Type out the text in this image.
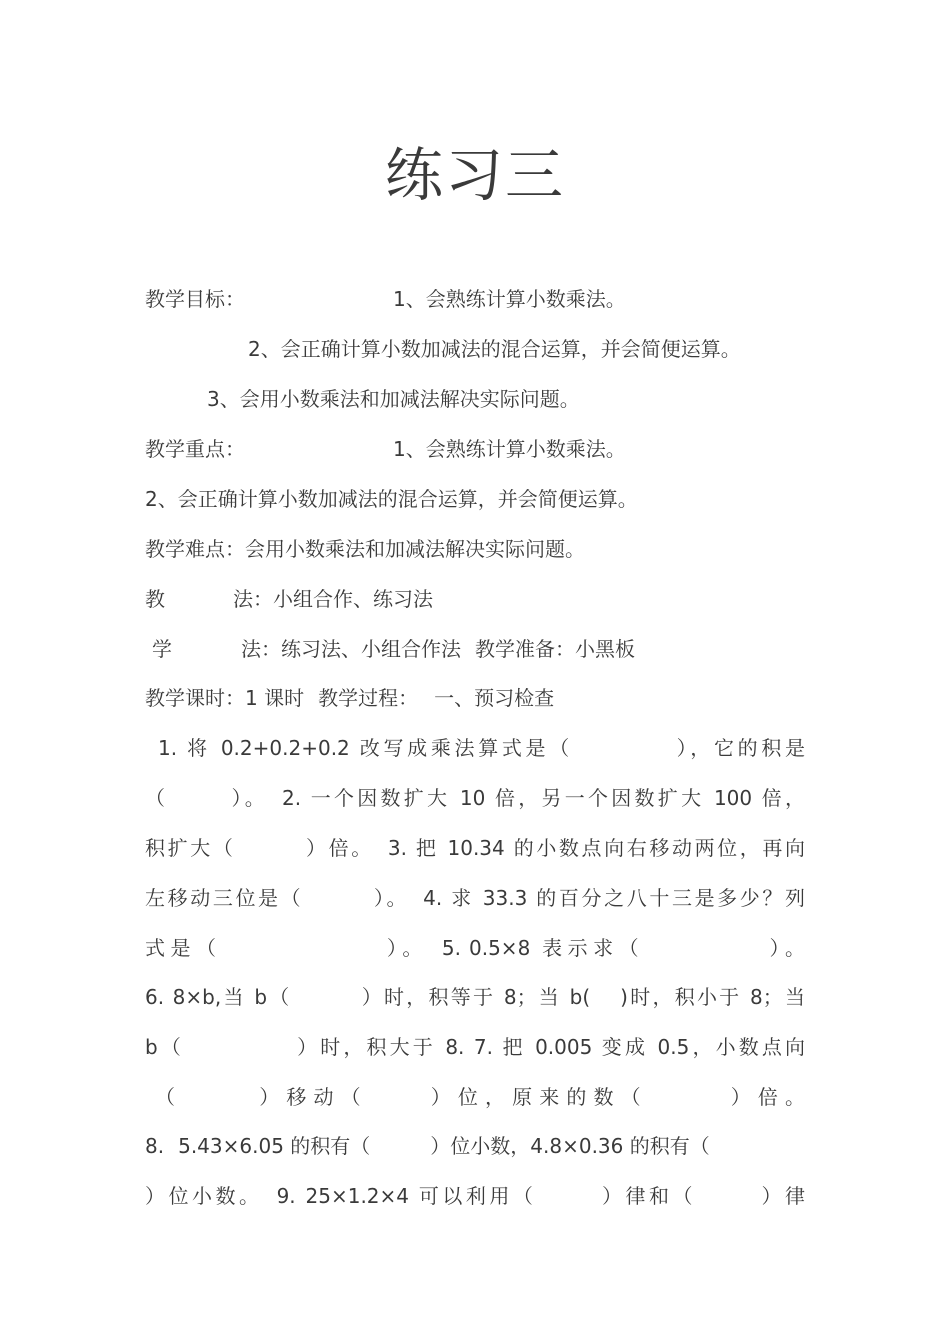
练习三
教学目标：	1、会熟练计算小数乘法。
2、会正确计算小数加减法的混合运算，并会简便运算。
3、会用小数乘法和加减法解决实际问题。
教学重点：	1、会熟练计算小数乘法。
2、会正确计算小数加减法的混合运算，并会简便运算。
教学难点：会用小数乘法和加减法解决实际问题。
教	法：小组合作、练习法
学	法：练习法、小组合作法 教学准备：小黑板
教学课时：1 课时 教学过程： 一、预习检查
1. 将 0.2+0.2+0.2 改写成乘法算式是（	），它的积是
（	）。 2. 一个因数扩大 10 倍，另一个因数扩大 100 倍，
积扩大（	）倍。 3. 把 10.34 的小数点向右移动两位，再向
左移动三位是（	）。 4. 求 33.3 的百分之八十三是多少？列
式是（	）。 5. 0.5×8 表示求（	）。
6. 8×b,当 b（	）时，积等于 8；当 b( )时，积小于 8；当
b（	）时，积大于 8. 7. 把 0.005 变成 0.5，小数点向
（	）移动（	）位，原来的数（	）倍。
8. 5.43×6.05 的积有（	）位小数，4.8×0.36 的积有（
）位小数。 9. 25×1.2×4 可以利用（	）律和（	）律
